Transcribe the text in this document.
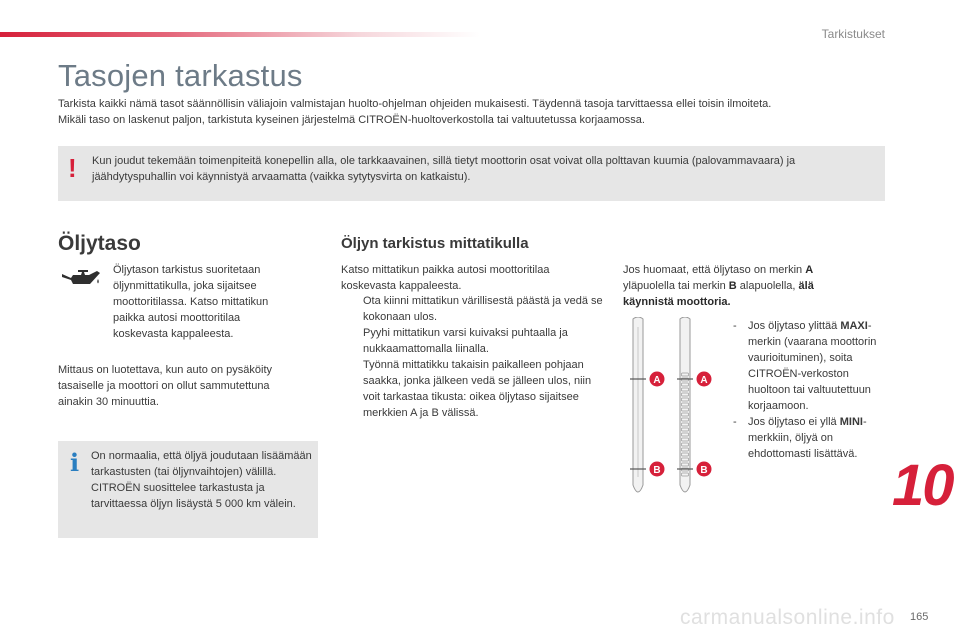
Tarkistukset
Tasojen tarkastus

Tarkista kaikki nämä tasot säännöllisin väliajoin valmistajan huolto-ohjelman ohjeiden mukaisesti. Täydennä tasoja tarvittaessa ellei toisin ilmoiteta.

Mikäli taso on laskenut paljon, tarkistuta kyseinen järjestelmä CITROËN-huoltoverkostolla tai valtuutetussa korjaamossa.

! Kun joudut tekemään toimenpiteitä konepellin alla, ole tarkkaavainen, sillä tietyt moottorin osat voivat olla polttavan kuumia (palovammavaara) ja jäähdytyspuhallin voi käynnistyä arvaamatta (vaikka sytytysvirta on katkaistu).
Öljytaso
Öljytason tarkistus suoritetaan öljynmittatikulla, joka sijaitsee moottoritilassa. Katso mittatikun paikka autosi moottoritilaa koskevasta kappaleesta.
Mittaus on luotettava, kun auto on pysäköity tasaiselle ja moottori on ollut sammutettuna ainakin 30 minuuttia.
i On normaalia, että öljyä joudutaan lisäämään tarkastusten (tai öljynvaihtojen) välillä. CITROËN suosittelee tarkastusta ja tarvittaessa öljyn lisäystä 5 000 km välein.
Öljyn tarkistus mittatikulla
Katso mittatikun paikka autosi moottoritilaa koskevasta kappaleesta.
Ota kiinni mittatikun värillisestä päästä ja vedä se kokonaan ulos.
Pyyhi mittatikun varsi kuivaksi puhtaalla ja nukkaamattomalla liinalla.
Työnnä mittatikku takaisin paikalleen pohjaan saakka, jonka jälkeen vedä se jälleen ulos, niin voit tarkastaa tikusta: oikea öljytaso sijaitsee merkkien A ja B välissä.
Jos huomaat, että öljytaso on merkin A yläpuolella tai merkin B alapuolella, älä käynnistä moottoria.
A
B
A
B
- Jos öljytaso ylittää MAXI-merkin (vaarana moottorin vaurioituminen), soita CITROËN-verkoston huoltoon tai valtuutettuun korjaamoon.
- Jos öljytaso ei yllä MINI-merkkiin, öljyä on ehdottomasti lisättävä. 10
carmanualsonline.info 165
